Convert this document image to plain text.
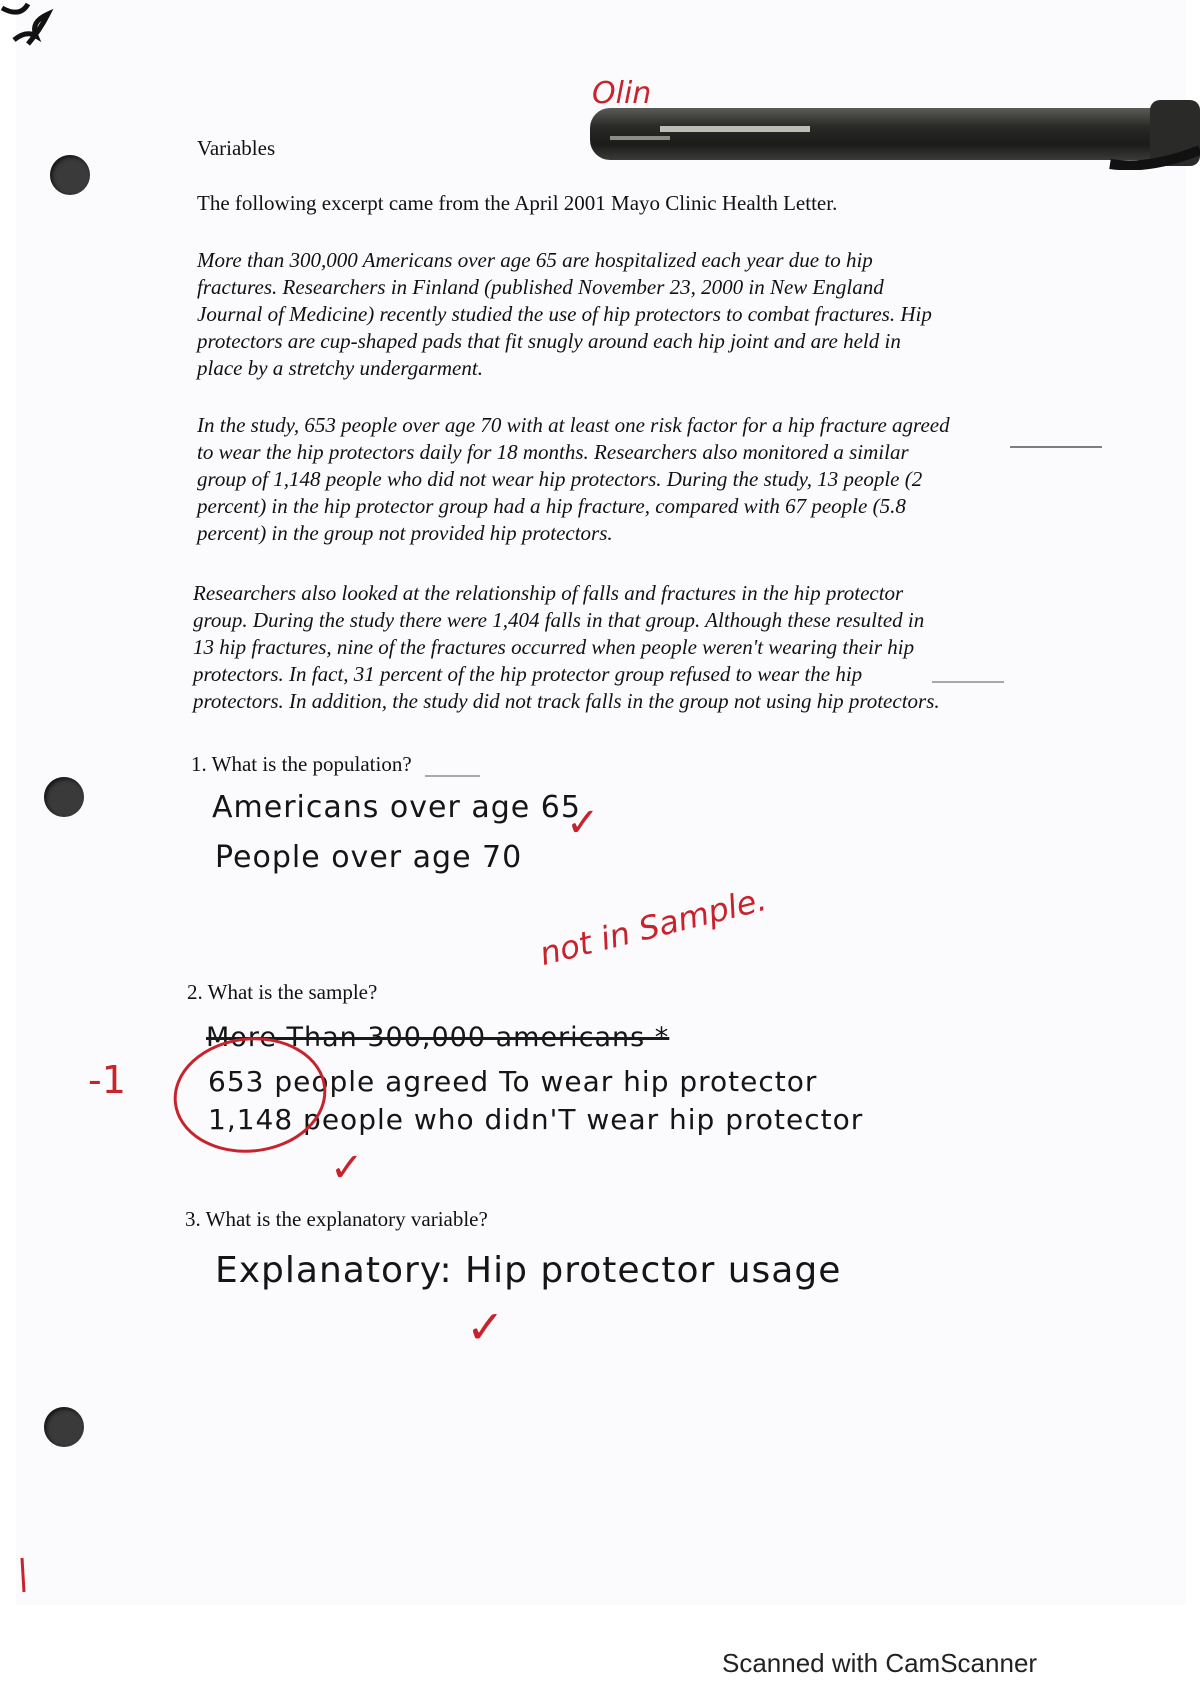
Olin
Variables
The following excerpt came from the April 2001 Mayo Clinic Health Letter.
More than 300,000 Americans over age 65 are hospitalized each year due to hip
fractures. Researchers in Finland (published November 23, 2000 in New England
Journal of Medicine) recently studied the use of hip protectors to combat fractures. Hip
protectors are cup-shaped pads that fit snugly around each hip joint and are held in
place by a stretchy undergarment.
In the study, 653 people over age 70 with at least one risk factor for a hip fracture agreed
to wear the hip protectors daily for 18 months. Researchers also monitored a similar
group of 1,148 people who did not wear hip protectors. During the study, 13 people (2
percent) in the hip protector group had a hip fracture, compared with 67 people (5.8
percent) in the group not provided hip protectors.
Researchers also looked at the relationship of falls and fractures in the hip protector
group. During the study there were 1,404 falls in that group. Although these resulted in
13 hip fractures, nine of the fractures occurred when people weren't wearing their hip
protectors. In fact, 31 percent of the hip protector group refused to wear the hip
protectors. In addition, the study did not track falls in the group not using hip protectors.
1. What is the population?
2. What is the sample?
3. What is the explanatory variable?
Americans over age 65
People over age 70
not in Sample.
More Than 300,000 americans *
653 people agreed To wear hip protector
1,148 people who didn'T wear hip protector
-1
Explanatory: Hip protector usage
✓
✓
✓
Scanned with CamScanner
